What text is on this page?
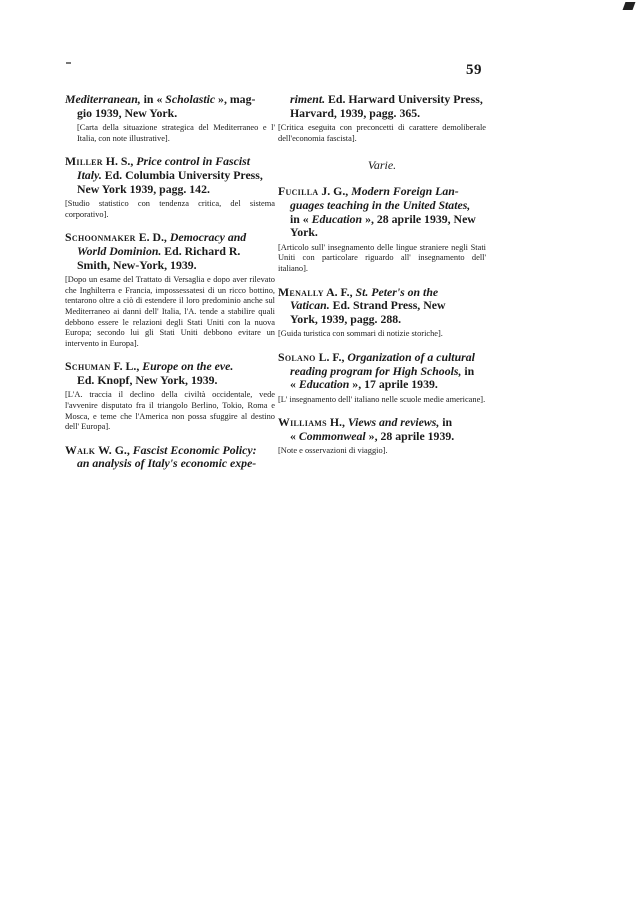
59
Mediterranean, in « Scholastic », mag-
gio 1939, New York.
[Carta della situazione strategica del Mediterraneo e l' Italia, con note illustrative].
Miller H. S., Price control in Fascist
Italy. Ed. Columbia University Press,
New York 1939, pagg. 142.
[Studio statistico con tendenza critica, del sistema corporativo].
Schoonmaker E. D., Democracy and
World Dominion. Ed. Richard R.
Smith, New-York, 1939.
[Dopo un esame del Trattato di Versaglia e dopo aver rilevato che Inghilterra e Francia, impossessatesi di un ricco bottino, tentarono oltre a ciò di estendere il loro predominio anche sul Mediterraneo ai danni dell' Italia, l'A. tende a stabilire quali debbono essere le relazioni degli Stati Uniti con la nuova Europa; secondo lui gli Stati Uniti debbono evitare un intervento in Europa].
Schuman F. L., Europe on the eve.
Ed. Knopf, New York, 1939.
[L'A. traccia il declino della civiltà occidentale, vede l'avvenire disputato fra il triangolo Berlino, Tokio, Roma e Mosca, e teme che l'America non possa sfuggire al destino dell' Europa].
Walk W. G., Fascist Economic Policy:
an analysis of Italy's economic expe-
riment. Ed. Harward University Press,
Harvard, 1939, pagg. 365.
[Critica eseguita con preconcetti di carattere demoliberale dell'economia fascista].
Varie.
Fucilla J. G., Modern Foreign Lan-
guages teaching in the United States,
in « Education », 28 aprile 1939, New
York.
[Articolo sull' insegnamento delle lingue straniere negli Stati Uniti con particolare riguardo all' insegnamento dell' italiano].
Menally A. F., St. Peter's on the
Vatican. Ed. Strand Press, New
York, 1939, pagg. 288.
[Guida turistica con sommari di notizie storiche].
Solano L. F., Organization of a cultural
reading program for High Schools, in
« Education », 17 aprile 1939.
[L' insegnamento dell' italiano nelle scuole medie americane].
Williams H., Views and reviews, in
« Commonweal », 28 aprile 1939.
[Note e osservazioni di viaggio].
